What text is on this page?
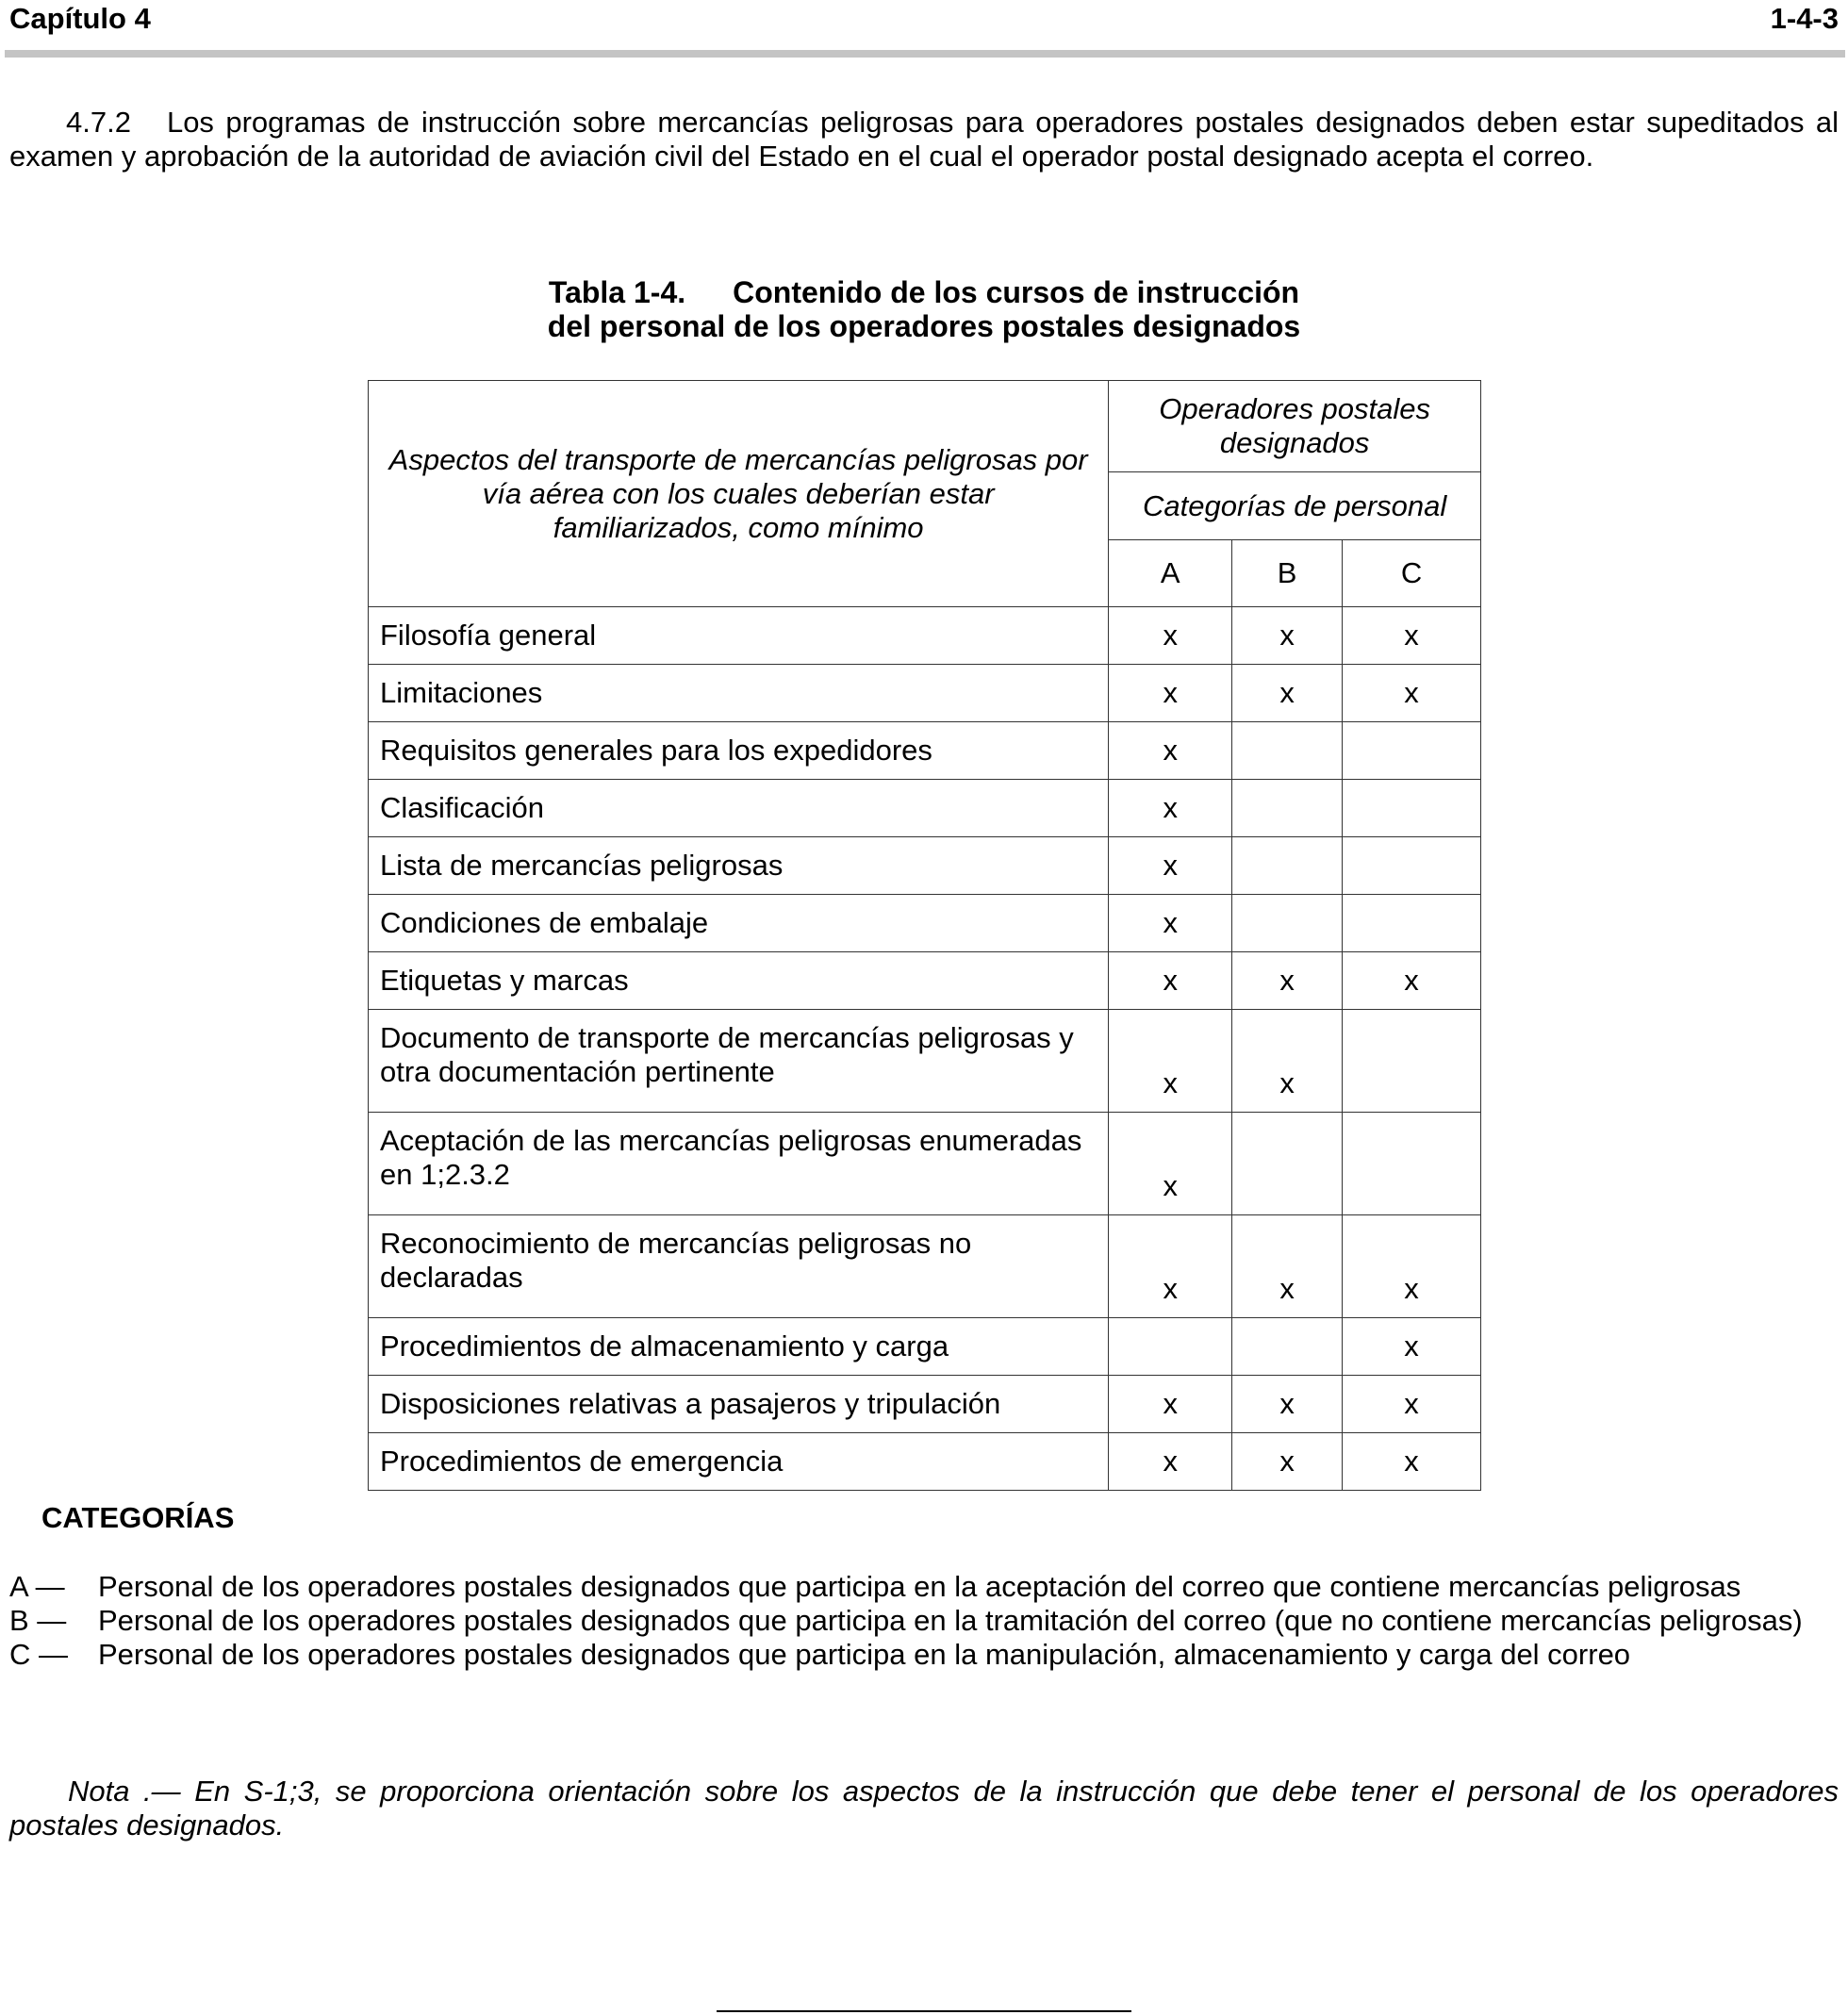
Capítulo 4	1-4-3
4.7.2 Los programas de instrucción sobre mercancías peligrosas para operadores postales designados deben estar supeditados al examen y aprobación de la autoridad de aviación civil del Estado en el cual el operador postal designado acepta el correo.
Tabla 1-4. Contenido de los cursos de instrucción
del personal de los operadores postales designados
Aspectos del transporte de mercancías peligrosas por vía aérea con los cuales deberían estar familiarizados, como mínimo	Operadores postales designados		
	Categorías de personal		
	A	B	C
Filosofía general	x	x	x
Limitaciones	x	x	x
Requisitos generales para los expedidores	x		
Clasificación	x		
Lista de mercancías peligrosas	x		
Condiciones de embalaje	x		
Etiquetas y marcas	x	x	x
Documento de transporte de mercancías peligrosas y otra documentación pertinente	x	x	
Aceptación de las mercancías peligrosas enumeradas en 1;2.3.2	x		
Reconocimiento de mercancías peligrosas no declaradas	x	x	x
Procedimientos de almacenamiento y carga			x
Disposiciones relativas a pasajeros y tripulación	x	x	x
Procedimientos de emergencia	x	x	x
CATEGORÍAS
A —	Personal de los operadores postales designados que participa en la aceptación del correo que contiene mercancías peligrosas
B —	Personal de los operadores postales designados que participa en la tramitación del correo (que no contiene mercancías peligrosas)
C —	Personal de los operadores postales designados que participa en la manipulación, almacenamiento y carga del correo
Nota .— En S-1;3, se proporciona orientación sobre los aspectos de la instrucción que debe tener el personal de los operadores postales designados.
